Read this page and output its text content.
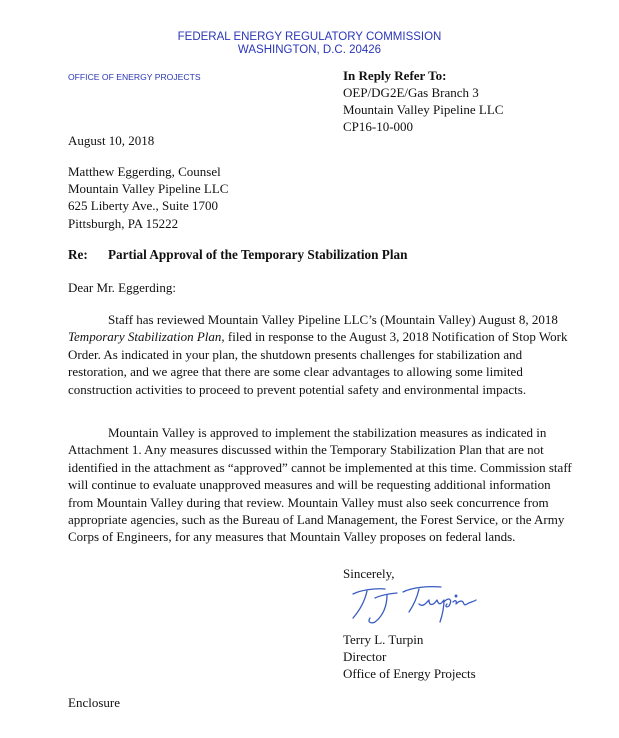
FEDERAL ENERGY REGULATORY COMMISSION
WASHINGTON, D.C. 20426
OFFICE OF ENERGY PROJECTS	In Reply Refer To:
OEP/DG2E/Gas Branch 3
Mountain Valley Pipeline LLC
CP16-10-000
August 10, 2018
Matthew Eggerding, Counsel
Mountain Valley Pipeline LLC
625 Liberty Ave., Suite 1700
Pittsburgh, PA 15222
Re: Partial Approval of the Temporary Stabilization Plan
Dear Mr. Eggerding:

Staff has reviewed Mountain Valley Pipeline LLC’s (Mountain Valley) August 8, 2018 Temporary Stabilization Plan, filed in response to the August 3, 2018 Notification of Stop Work Order. As indicated in your plan, the shutdown presents challenges for stabilization and restoration, and we agree that there are some clear advantages to allowing some limited construction activities to proceed to prevent potential safety and environmental impacts.

Mountain Valley is approved to implement the stabilization measures as indicated in Attachment 1. Any measures discussed within the Temporary Stabilization Plan that are not identified in the attachment as “approved” cannot be implemented at this time. Commission staff will continue to evaluate unapproved measures and will be requesting additional information from Mountain Valley during that review. Mountain Valley must also seek concurrence from appropriate agencies, such as the Bureau of Land Management, the Forest Service, or the Army Corps of Engineers, for any measures that Mountain Valley proposes on federal lands.

Sincerely,
Terry L. Turpin
Director
Office of Energy Projects
Enclosure
